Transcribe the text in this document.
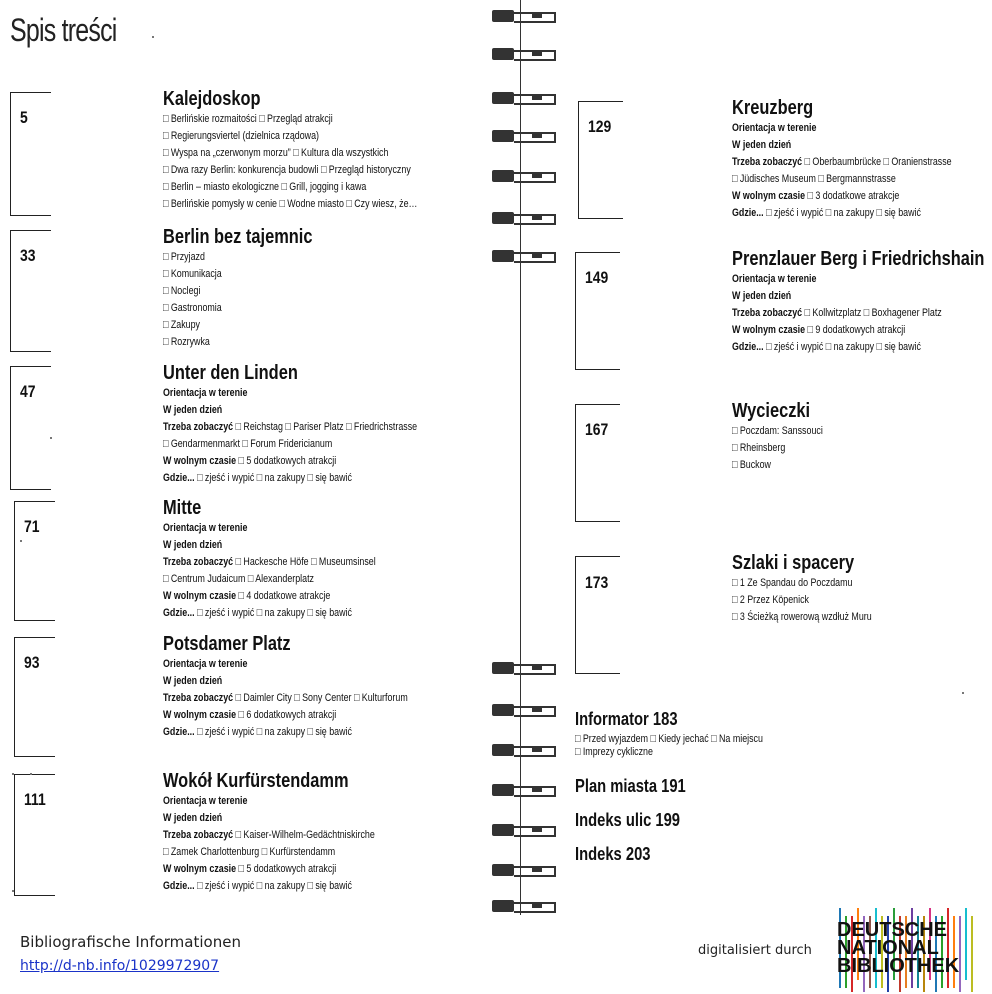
Spis treści
5
Kalejdoskop
□ Berlińskie rozmaitości □ Przegląd atrakcji
□ Regierungsviertel (dzielnica rządowa)
□ Wyspa na „czerwonym morzu” □ Kultura dla wszystkich
□ Dwa razy Berlin: konkurencja budowli □ Przegląd historyczny
□ Berlin – miasto ekologiczne □ Grill, jogging i kawa
□ Berlińskie pomysły w cenie □ Wodne miasto □ Czy wiesz, że…
33
Berlin bez tajemnic
□ Przyjazd
□ Komunikacja
□ Noclegi
□ Gastronomia
□ Zakupy
□ Rozrywka
47
Unter den Linden
Orientacja w terenie
W jeden dzień
Trzeba zobaczyć □ Reichstag □ Pariser Platz □ Friedrichstrasse
□ Gendarmenmarkt □ Forum Fridericianum
W wolnym czasie □ 5 dodatkowych atrakcji
Gdzie... □ zjeść i wypić □ na zakupy □ się bawić
71
Mitte
Orientacja w terenie
W jeden dzień
Trzeba zobaczyć □ Hackesche Höfe □ Museumsinsel
□ Centrum Judaicum □ Alexanderplatz
W wolnym czasie □ 4 dodatkowe atrakcje
Gdzie... □ zjeść i wypić □ na zakupy □ się bawić
93
Potsdamer Platz
Orientacja w terenie
W jeden dzień
Trzeba zobaczyć □ Daimler City □ Sony Center □ Kulturforum
W wolnym czasie □ 6 dodatkowych atrakcji
Gdzie... □ zjeść i wypić □ na zakupy □ się bawić
111
Wokół Kurfürstendamm
Orientacja w terenie
W jeden dzień
Trzeba zobaczyć □ Kaiser-Wilhelm-Gedächtniskirche
□ Zamek Charlottenburg □ Kurfürstendamm
W wolnym czasie □ 5 dodatkowych atrakcji
Gdzie... □ zjeść i wypić □ na zakupy □ się bawić
129
Kreuzberg
Orientacja w terenie
W jeden dzień
Trzeba zobaczyć □ Oberbaumbrücke □ Oranienstrasse
□ Jüdisches Museum □ Bergmannstrasse
W wolnym czasie □ 3 dodatkowe atrakcje
Gdzie... □ zjeść i wypić □ na zakupy □ się bawić
149
Prenzlauer Berg i Friedrichshain
Orientacja w terenie
W jeden dzień
Trzeba zobaczyć □ Kollwitzplatz □ Boxhagener Platz
W wolnym czasie □ 9 dodatkowych atrakcji
Gdzie... □ zjeść i wypić □ na zakupy □ się bawić
167
Wycieczki
□ Poczdam: Sanssouci
□ Rheinsberg
□ Buckow
173
Szlaki i spacery
□ 1 Ze Spandau do Poczdamu
□ 2 Przez Köpenick
□ 3 Ścieżką rowerową wzdłuż Muru
Informator 183
□ Przed wyjazdem □ Kiedy jechać □ Na miejscu
□ Imprezy cykliczne
Plan miasta 191
Indeks ulic 199
Indeks 203
Bibliografische Informationen
http://d-nb.info/1029972907
digitalisiert durch
DEUTSCHE
NATIONAL
BIBLIOTHEK
